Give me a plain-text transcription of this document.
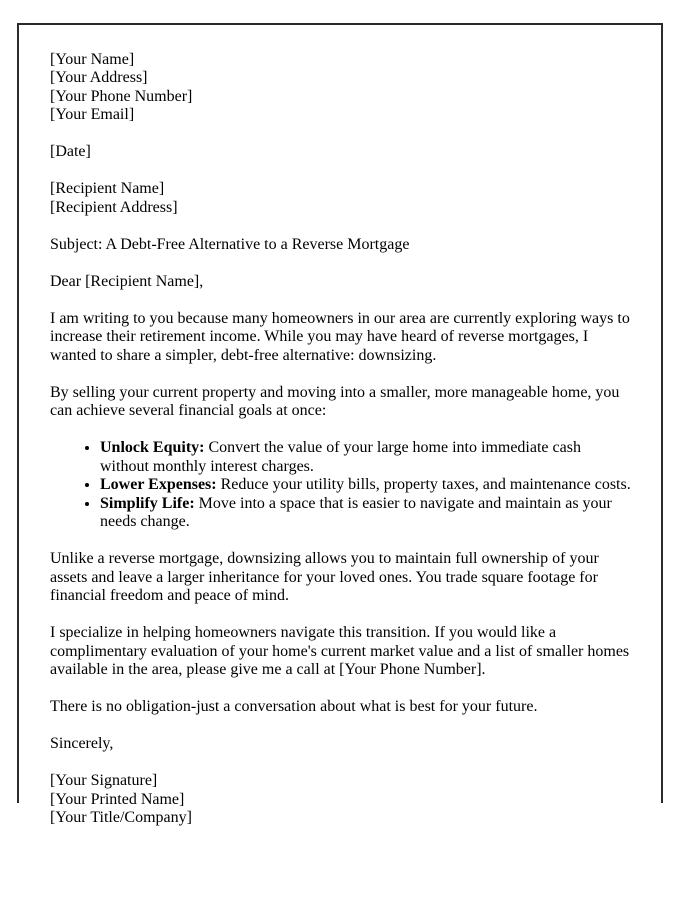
[Your Name]
[Your Address]
[Your Phone Number]
[Your Email]

[Date]

[Recipient Name]
[Recipient Address]

Subject: A Debt-Free Alternative to a Reverse Mortgage

Dear [Recipient Name],

I am writing to you because many homeowners in our area are currently exploring ways to increase their retirement income. While you may have heard of reverse mortgages, I wanted to share a simpler, debt-free alternative: downsizing.

By selling your current property and moving into a smaller, more manageable home, you can achieve several financial goals at once:

• Unlock Equity: Convert the value of your large home into immediate cash without monthly interest charges.
• Lower Expenses: Reduce your utility bills, property taxes, and maintenance costs.
• Simplify Life: Move into a space that is easier to navigate and maintain as your needs change.

Unlike a reverse mortgage, downsizing allows you to maintain full ownership of your assets and leave a larger inheritance for your loved ones. You trade square footage for financial freedom and peace of mind.

I specialize in helping homeowners navigate this transition. If you would like a complimentary evaluation of your home's current market value and a list of smaller homes available in the area, please give me a call at [Your Phone Number].

There is no obligation-just a conversation about what is best for your future.

Sincerely,

[Your Signature]
[Your Printed Name]
[Your Title/Company]
